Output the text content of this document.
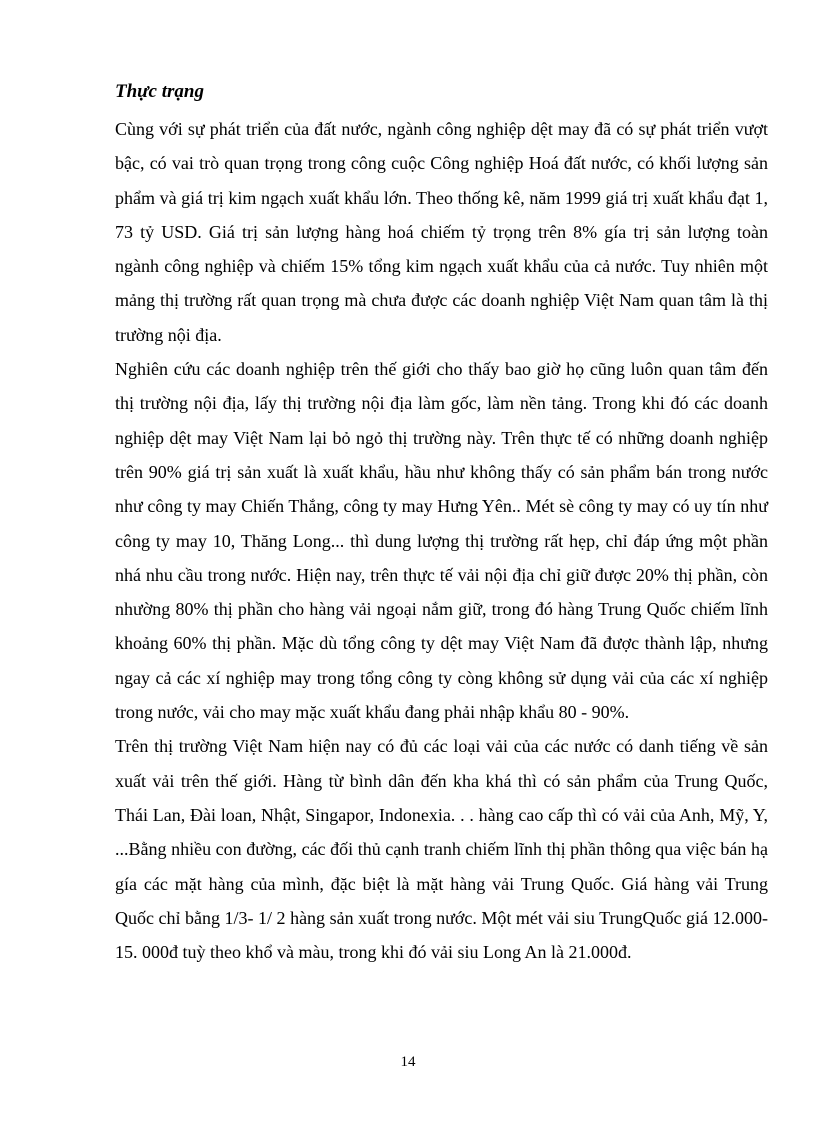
Thực trạng

Cùng với sự phát triển của đất nước, ngành công nghiệp dệt may đã có sự phát triển vượt bậc, có vai trò quan trọng trong công cuộc Công nghiệp Hoá đất nước, có khối lượng sản phẩm và giá trị kim ngạch xuất khẩu lớn. Theo thống kê, năm 1999 giá trị xuất khẩu đạt 1, 73 tỷ USD. Giá trị sản lượng hàng hoá chiếm tỷ trọng trên 8% gía trị sản lượng toàn ngành công nghiệp và chiếm 15% tổng kim ngạch xuất khẩu của cả nước. Tuy nhiên một mảng thị trường rất quan trọng mà chưa được các doanh nghiệp Việt Nam quan tâm là thị trường nội địa.

Nghiên cứu các doanh nghiệp trên thế giới cho thấy bao giờ họ cũng luôn quan tâm đến thị trường nội địa, lấy thị trường nội địa làm gốc, làm nền tảng. Trong khi đó các doanh nghiệp dệt may Việt Nam lại bỏ ngỏ thị trường này. Trên thực tế có những doanh nghiệp trên 90% giá trị sản xuất là xuất khẩu, hầu như không thấy có sản phẩm bán trong nước như công ty may Chiến Thắng, công ty may Hưng Yên.. Mét sè công ty may có uy tín như công ty may 10, Thăng Long... thì dung lượng thị trường rất hẹp, chỉ đáp ứng một phần nhá nhu cầu trong nước. Hiện nay, trên thực tế vải nội địa chỉ giữ được 20% thị phần, còn nhường 80% thị phần cho hàng vải ngoại nắm giữ, trong đó hàng Trung Quốc chiếm lĩnh khoảng 60% thị phần. Mặc dù tổng công ty dệt may Việt Nam đã được thành lập, nhưng ngay cả các xí nghiệp may trong tổng công ty còng không sử dụng vải của các xí nghiệp trong nước, vải cho may mặc xuất khẩu đang phải nhập khẩu 80 - 90%.

Trên thị trường Việt Nam hiện nay có đủ các loại vải của các nước có danh tiếng về sản xuất vải trên thế giới. Hàng từ bình dân đến kha khá thì có sản phẩm của Trung Quốc, Thái Lan, Đài loan, Nhật, Singapor, Indonexia. . . hàng cao cấp thì có vải của Anh, Mỹ, Y, ...Bằng nhiều con đường, các đối thủ cạnh tranh chiếm lĩnh thị phần thông qua việc bán hạ gía các mặt hàng của mình, đặc biệt là mặt hàng vải Trung Quốc. Giá hàng vải Trung Quốc chỉ bằng 1/3- 1/ 2 hàng sản xuất trong nước. Một mét vải siu TrungQuốc giá 12.000- 15. 000đ tuỳ theo khổ và màu, trong khi đó vải siu Long An là 21.000đ.

14
